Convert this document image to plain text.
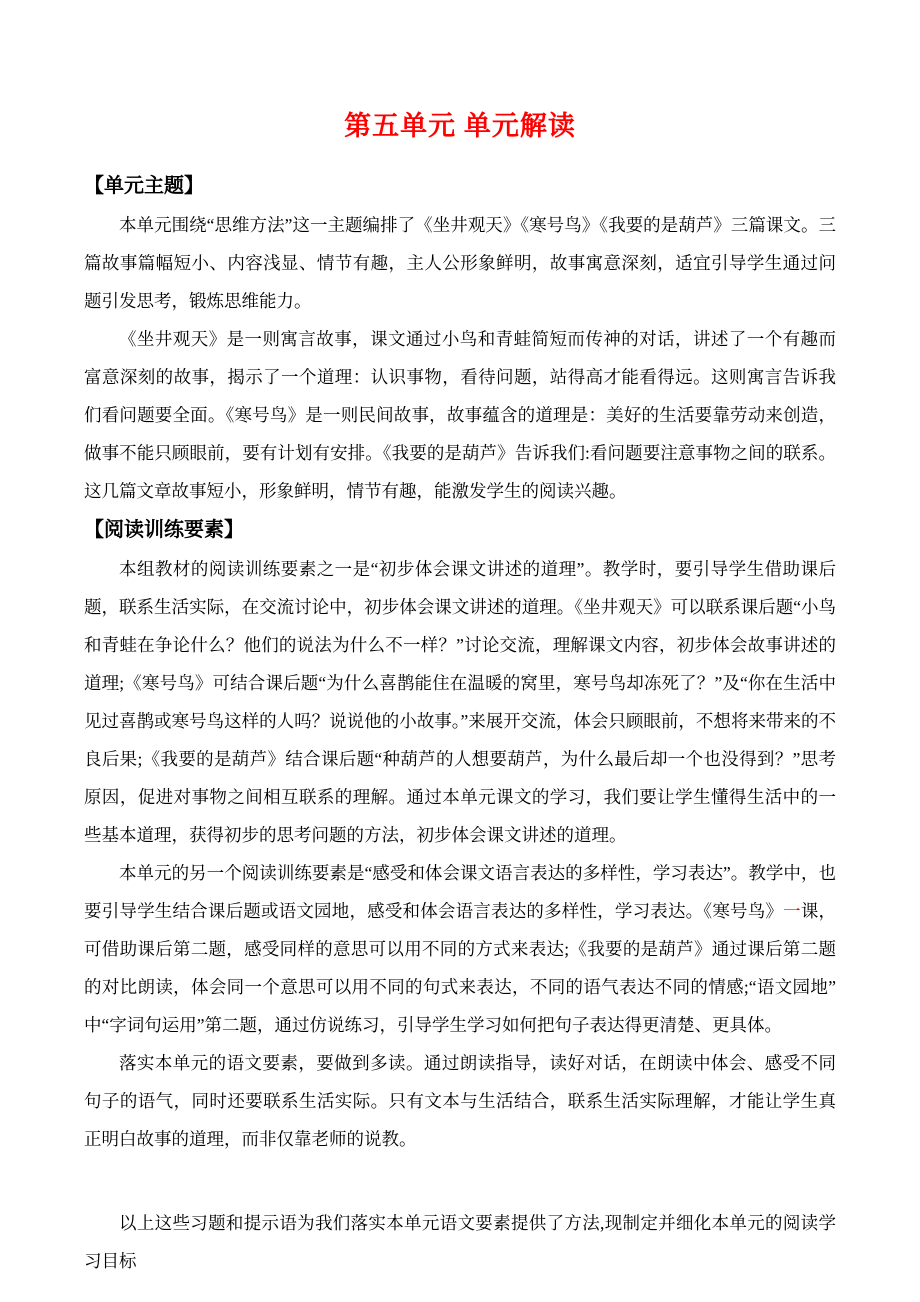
第五单元 单元解读
【单元主题】

本单元围绕“思维方法”这一主题编排了《坐井观天》《寒号鸟》《我要的是葫芦》三篇课文。三篇故事篇幅短小、内容浅显、情节有趣，主人公形象鲜明，故事寓意深刻，适宜引导学生通过问题引发思考，锻炼思维能力。

《坐井观天》是一则寓言故事，课文通过小鸟和青蛙简短而传神的对话，讲述了一个有趣而富意深刻的故事，揭示了一个道理：认识事物，看待问题，站得高才能看得远。这则寓言告诉我们看问题要全面。《寒号鸟》是一则民间故事，故事蕴含的道理是：美好的生活要靠劳动来创造，做事不能只顾眼前，要有计划有安排。《我要的是葫芦》告诉我们:看问题要注意事物之间的联系。这几篇文章故事短小，形象鲜明，情节有趣，能激发学生的阅读兴趣。

【阅读训练要素】

本组教材的阅读训练要素之一是“初步体会课文讲述的道理”。教学时，要引导学生借助课后题，联系生活实际，在交流讨论中，初步体会课文讲述的道理。《坐井观天》可以联系课后题“小鸟和青蛙在争论什么？他们的说法为什么不一样？”讨论交流，理解课文内容，初步体会故事讲述的道理;《寒号鸟》可结合课后题“为什么喜鹊能住在温暖的窝里，寒号鸟却冻死了？”及“你在生活中见过喜鹊或寒号鸟这样的人吗？说说他的小故事。”来展开交流，体会只顾眼前，不想将来带来的不良后果;《我要的是葫芦》结合课后题“种葫芦的人想要葫芦，为什么最后却一个也没得到？”思考原因，促进对事物之间相互联系的理解。通过本单元课文的学习，我们要让学生懂得生活中的一些基本道理，获得初步的思考问题的方法，初步体会课文讲述的道理。

本单元的另一个阅读训练要素是“感受和体会课文语言表达的多样性，学习表达”。教学中，也要引导学生结合课后题或语文园地，感受和体会语言表达的多样性，学习表达。《寒号鸟》一课，可借助课后第二题，感受同样的意思可以用不同的方式来表达;《我要的是葫芦》通过课后第二题的对比朗读，体会同一个意思可以用不同的句式来表达，不同的语气表达不同的情感;“语文园地”中“字词句运用”第二题，通过仿说练习，引导学生学习如何把句子表达得更清楚、更具体。

落实本单元的语文要素，要做到多读。通过朗读指导，读好对话，在朗读中体会、感受不同句子的语气，同时还要联系生活实际。只有文本与生活结合，联系生活实际理解，才能让学生真正明白故事的道理，而非仅靠老师的说教。

以上这些习题和提示语为我们落实本单元语文要素提供了方法,现制定并细化本单元的阅读学习目标
